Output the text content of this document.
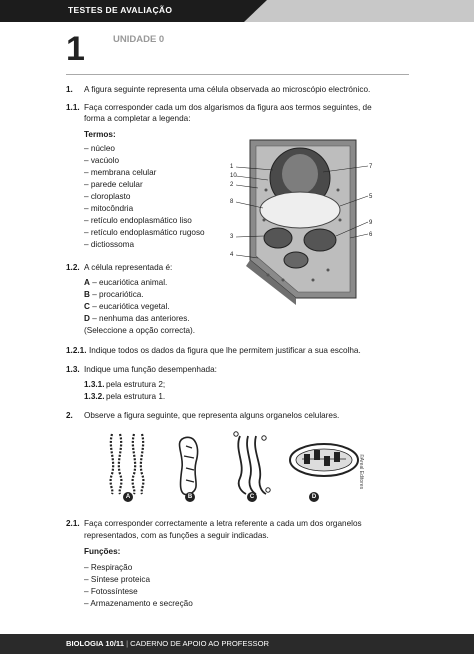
TESTES DE AVALIAÇÃO
1	UNIDADE 0
1. A figura seguinte representa uma célula observada ao microscópio electrónico.
1.1. Faça corresponder cada um dos algarismos da figura aos termos seguintes, de
forma a completar a legenda:
Termos:
– núcleo
– vacúolo
– membrana celular
– parede celular
– cloroplasto
– mitocôndria
– retículo endoplasmático liso
– retículo endoplasmático rugoso
– dictiossoma
1
10
2
8
3
4
7
5
9
6
1.2. A célula representada é:
A – eucariótica animal.
B – procariótica.
C – eucariótica vegetal.
D – nenhuma das anteriores.
(Seleccione a opção correcta).
1.2.1. Indique todos os dados da figura que lhe permitem justificar a sua escolha.
1.3. Indique uma função desempenhada:
1.3.1. pela estrutura 2;
1.3.2. pela estrutura 1.
2. Observe a figura seguinte, que representa alguns organelos celulares.
A	B	C	D
©Areal Editores
2.1. Faça corresponder correctamente a letra referente a cada um dos organelos
representados, com as funções a seguir indicadas.
Funções:
– Respiração
– Síntese proteica
– Fotossíntese
– Armazenamento e secreção
BIOLOGIA 10/11 | CADERNO DE APOIO AO PROFESSOR
